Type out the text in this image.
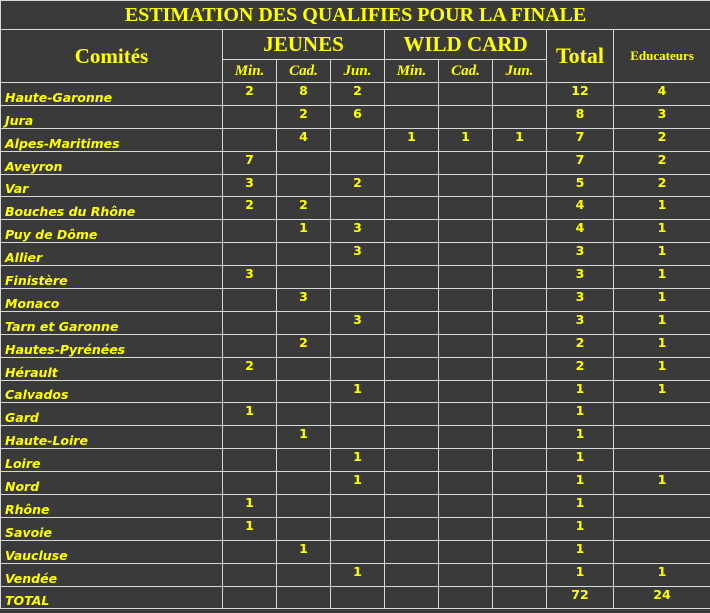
ESTIMATION DES QUALIFIES POUR LA FINALE								
Comités	JEUNES			WILD CARD			Total	Educateurs
	Min.	Cad.	Jun.	Min.	Cad.	Jun.		
Haute-Garonne	2	8	2				12	4
Jura		2	6				8	3
Alpes-Maritimes		4		1	1	1	7	2
Aveyron	7						7	2
Var	3		2				5	2
Bouches du Rhône	2	2					4	1
Puy de Dôme		1	3				4	1
Allier			3				3	1
Finistère	3						3	1
Monaco		3					3	1
Tarn et Garonne			3				3	1
Hautes-Pyrénées		2					2	1
Hérault	2						2	1
Calvados			1				1	1
Gard	1						1	
Haute-Loire		1					1	
Loire			1				1	
Nord			1				1	1
Rhône	1						1	
Savoie	1						1	
Vaucluse		1					1	
Vendée			1				1	1
TOTAL							72	24
